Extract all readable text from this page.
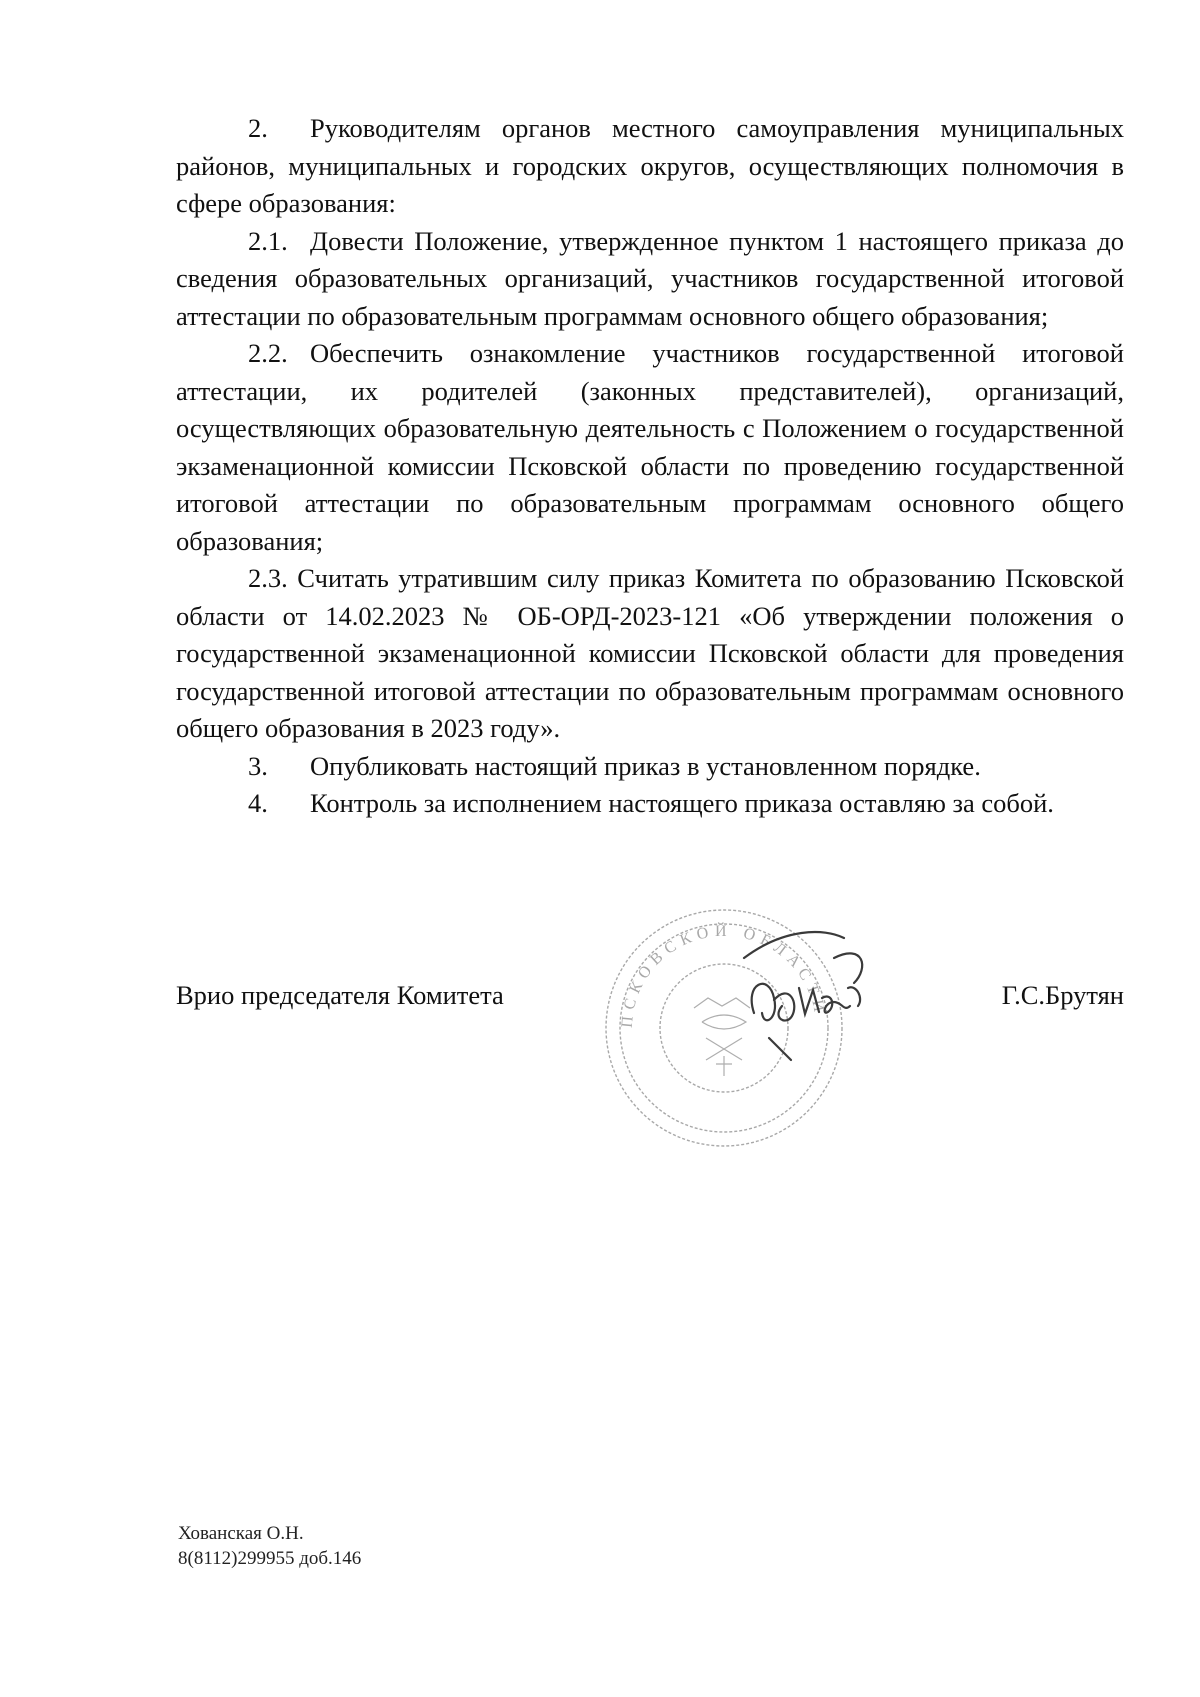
2. Руководителям органов местного самоуправления муниципальных районов, муниципальных и городских округов, осуществляющих полномочия в сфере образования:

2.1. Довести Положение, утвержденное пунктом 1 настоящего приказа до сведения образовательных организаций, участников государственной итоговой аттестации по образовательным программам основного общего образования;

2.2. Обеспечить ознакомление участников государственной итоговой аттестации, их родителей (законных представителей), организаций, осуществляющих образовательную деятельность с Положением о государственной экзаменационной комиссии Псковской области по проведению государственной итоговой аттестации по образовательным программам основного общего образования;

2.3. Считать утратившим силу приказ Комитета по образованию Псковской области от 14.02.2023 № ОБ-ОРД-2023-121 «Об утверждении положения о государственной экзаменационной комиссии Псковской области для проведения государственной итоговой аттестации по образовательным программам основного общего образования в 2023 году».

3. Опубликовать настоящий приказ в установленном порядке.

4. Контроль за исполнением настоящего приказа оставляю за собой.

ПСКОВСКОЙ ОБЛАСТИ
Врио председателя Комитета	Г.С.Брутян
Хованская О.Н.
8(8112)299955 доб.146
